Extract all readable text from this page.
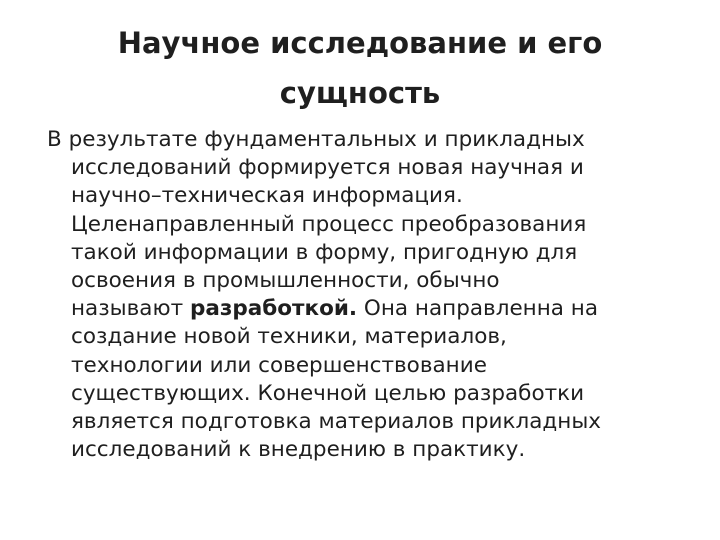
Научное исследование и его
сущность
В результате фундаментальных и прикладных
исследований формируется новая научная и
научно–техническая информация.
Целенаправленный процесс преобразования
такой информации в форму, пригодную для
освоения в промышленности, обычно
называют разработкой. Она направленна на
создание новой техники, материалов,
технологии или совершенствование
существующих. Конечной целью разработки
является подготовка материалов прикладных
исследований к внедрению в практику.
